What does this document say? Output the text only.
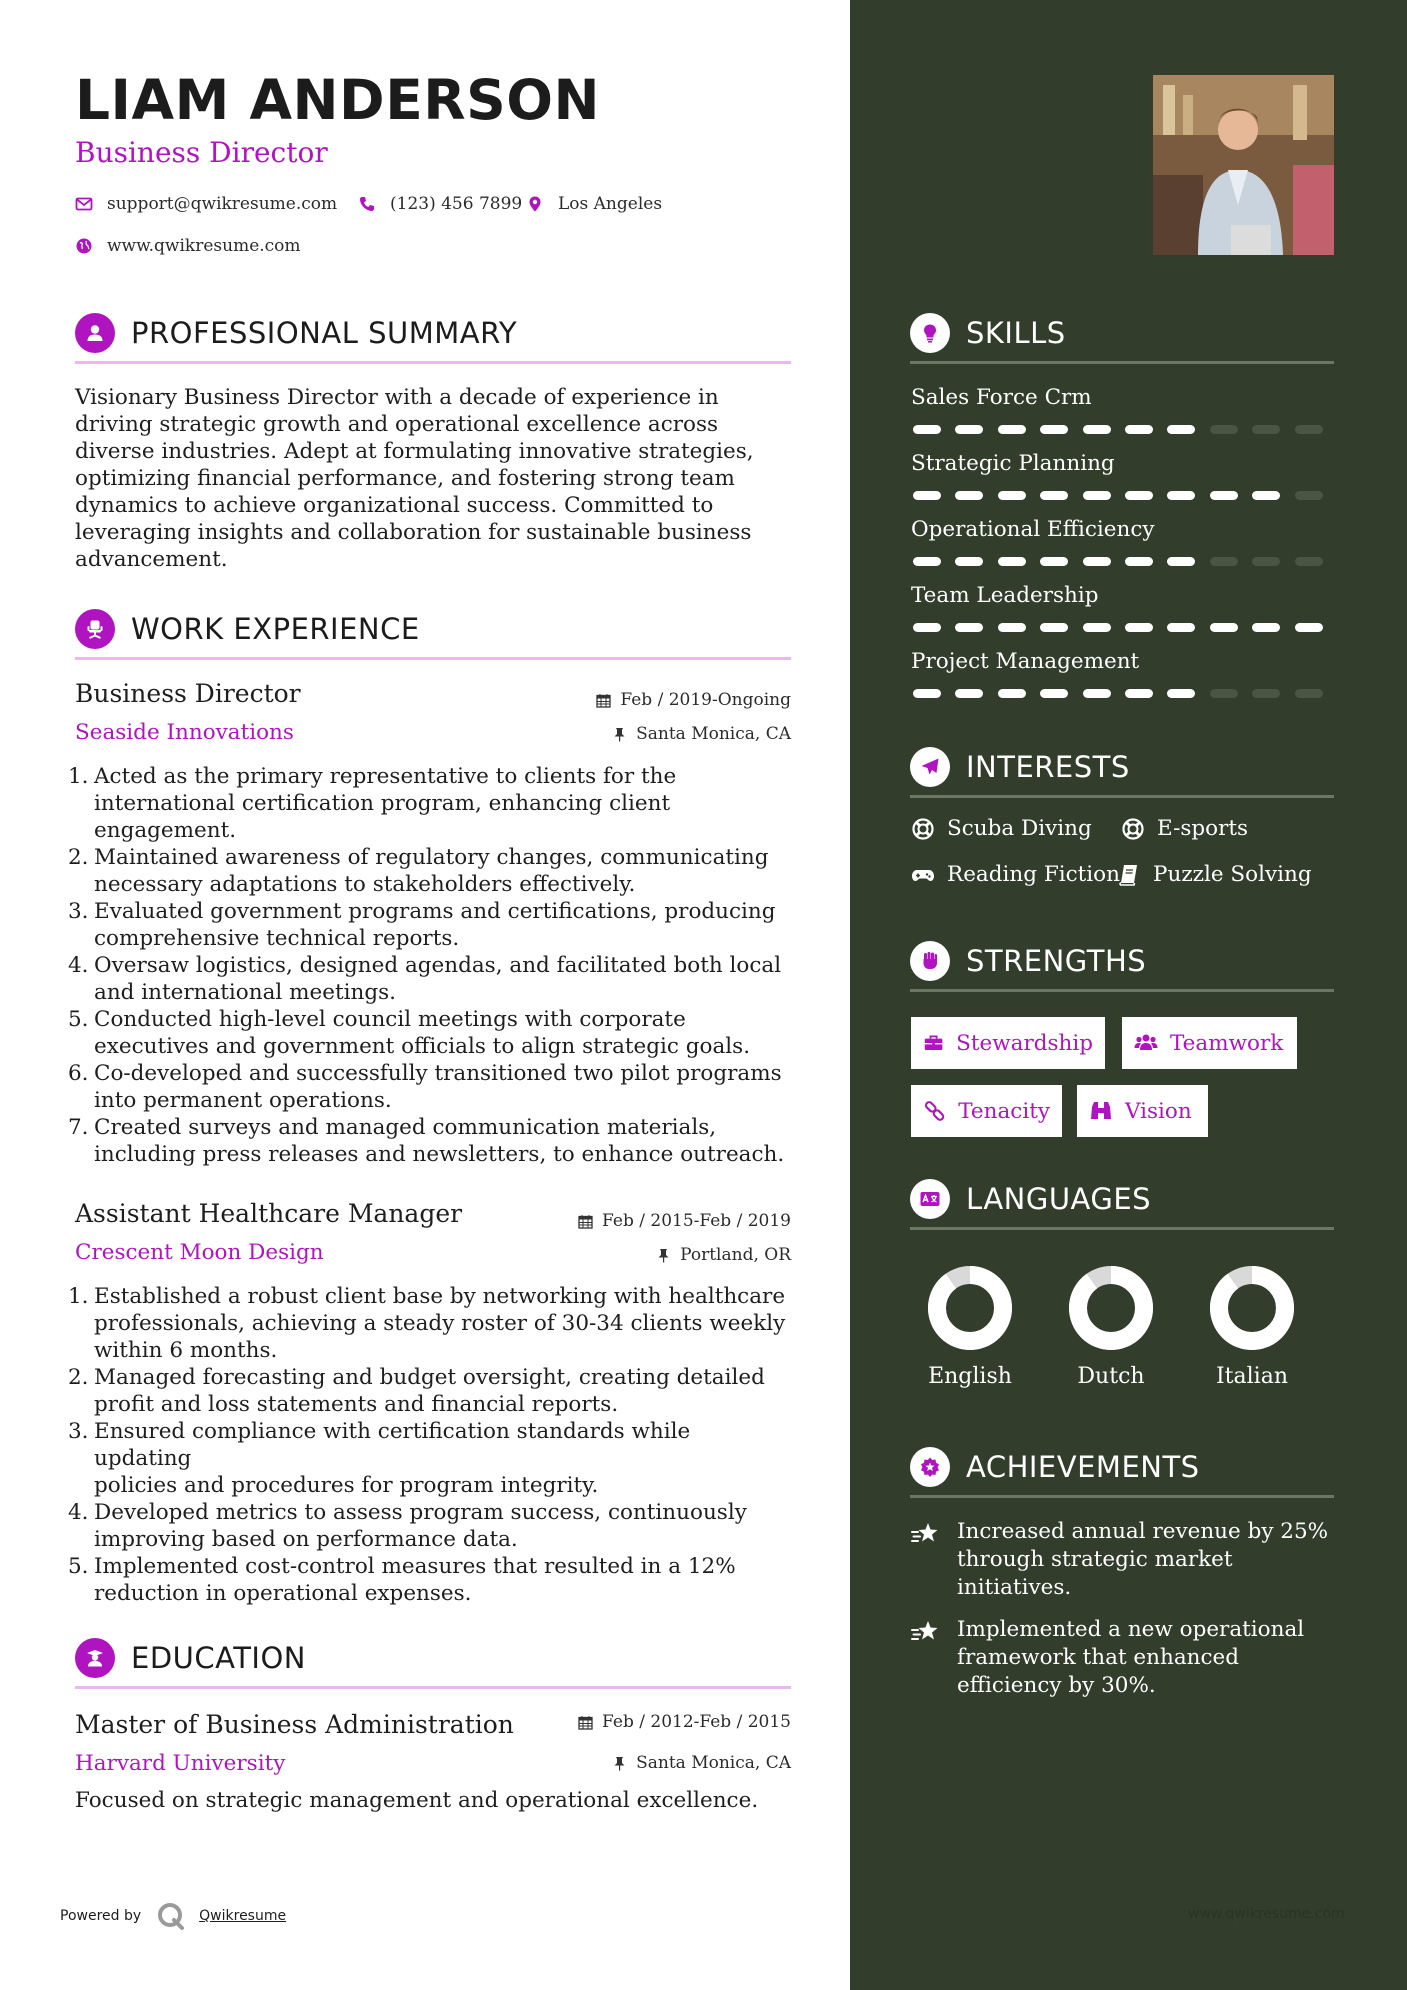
LIAM ANDERSON
Business Director
support@qwikresume.com	(123) 456 7899 Los Angeles
www.qwikresume.com
PROFESSIONAL SUMMARY
Visionary Business Director with a decade of experience in
driving strategic growth and operational excellence across
diverse industries. Adept at formulating innovative strategies,
optimizing financial performance, and fostering strong team
dynamics to achieve organizational success. Committed to
leveraging insights and collaboration for sustainable business
advancement.
WORK EXPERIENCE
Business Director	Feb / 2019-Ongoing
Seaside Innovations	Santa Monica, CA
1. Acted as the primary representative to clients for the
international certification program, enhancing client
engagement.
2. Maintained awareness of regulatory changes, communicating
necessary adaptations to stakeholders effectively.
3. Evaluated government programs and certifications, producing
comprehensive technical reports.
4. Oversaw logistics, designed agendas, and facilitated both local
and international meetings.
5. Conducted high-level council meetings with corporate
executives and government officials to align strategic goals.
6. Co-developed and successfully transitioned two pilot programs
into permanent operations.
7. Created surveys and managed communication materials,
including press releases and newsletters, to enhance outreach.
Assistant Healthcare Manager	Feb / 2015-Feb / 2019
Crescent Moon Design	Portland, OR
1. Established a robust client base by networking with healthcare
professionals, achieving a steady roster of 30-34 clients weekly
within 6 months.
2. Managed forecasting and budget oversight, creating detailed
profit and loss statements and financial reports.
3. Ensured compliance with certification standards while updating
policies and procedures for program integrity.
4. Developed metrics to assess program success, continuously
improving based on performance data.
5. Implemented cost-control measures that resulted in a 12%
reduction in operational expenses.
EDUCATION
Master of Business Administration	Feb / 2012-Feb / 2015
Harvard University	Santa Monica, CA
Focused on strategic management and operational excellence.
Powered by	Qwikresume
SKILLS
Sales Force Crm
Strategic Planning
Operational Efficiency
Team Leadership
Project Management
INTERESTS
Scuba Diving	E-sports
Reading Fiction Puzzle Solving
STRENGTHS
Stewardship	Teamwork
Tenacity	Vision
LANGUAGES
English	Dutch	Italian
ACHIEVEMENTS
Increased annual revenue by 25%
through strategic market
initiatives.
Implemented a new operational
framework that enhanced
efficiency by 30%.
www.qwikresume.com
